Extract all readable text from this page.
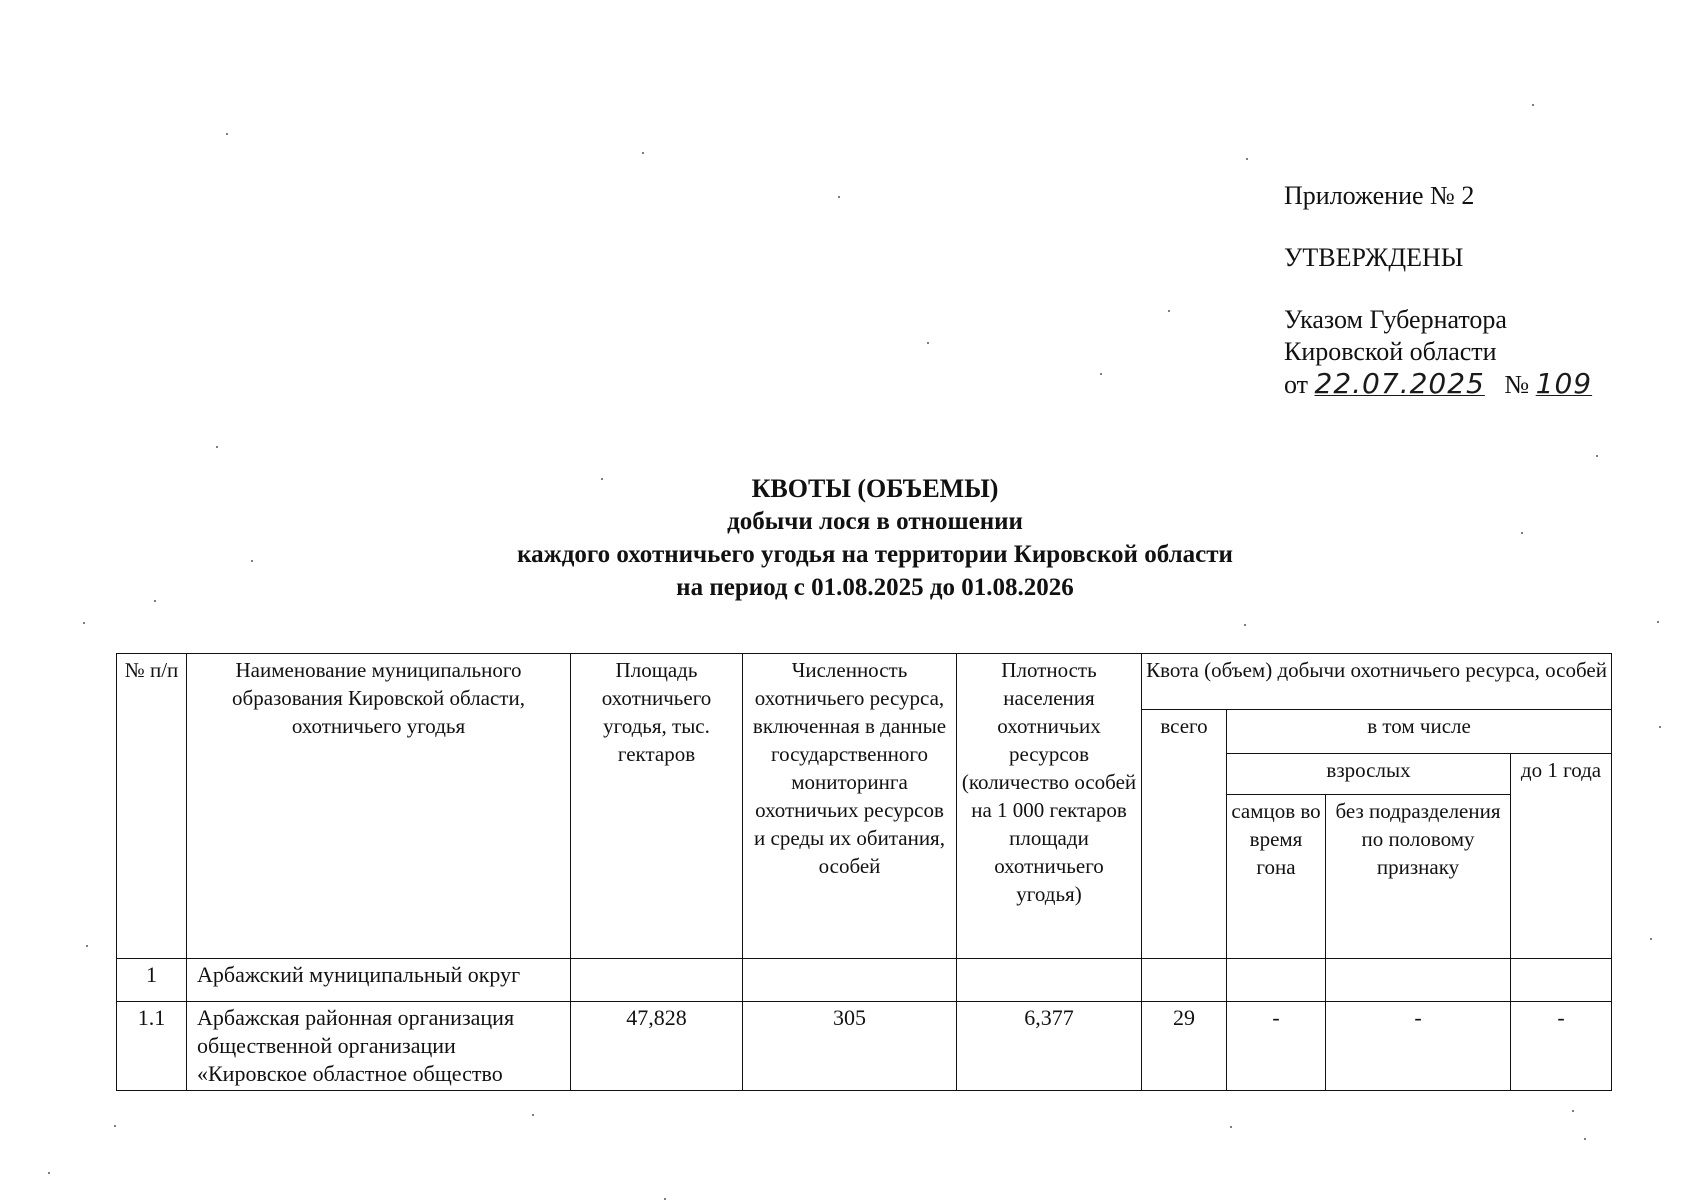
Приложение № 2
УТВЕРЖДЕНЫ
Указом Губернатора
Кировской области
от 22.07.2025 № 109
КВОТЫ (ОБЪЕМЫ)
добычи лося в отношении
каждого охотничьего угодья на территории Кировской области
на период с 01.08.2025 до 01.08.2026
№ п/п	Наименование муниципального образования Кировской области, охотничьего угодья	Площадь охотничьего угодья, тыс. гектаров	Численность охотничьего ресурса, включенная в данные государственного мониторинга охотничьих ресурсов и среды их обитания, особей	Плотность населения охотничьих ресурсов (количество особей на 1 000 гектаров площади охотничьего угодья)	Квота (объем) добычи охотничьего ресурса, особей			
					всего	в том числе		
						взрослых		до 1 года
						самцов во время гона	без подразделения по половому признаку	
1	Арбажский муниципальный округ							
1.1	Арбажская районная организация общественной организации «Кировское областное общество	47,828	305	6,377	29	-	-	-
